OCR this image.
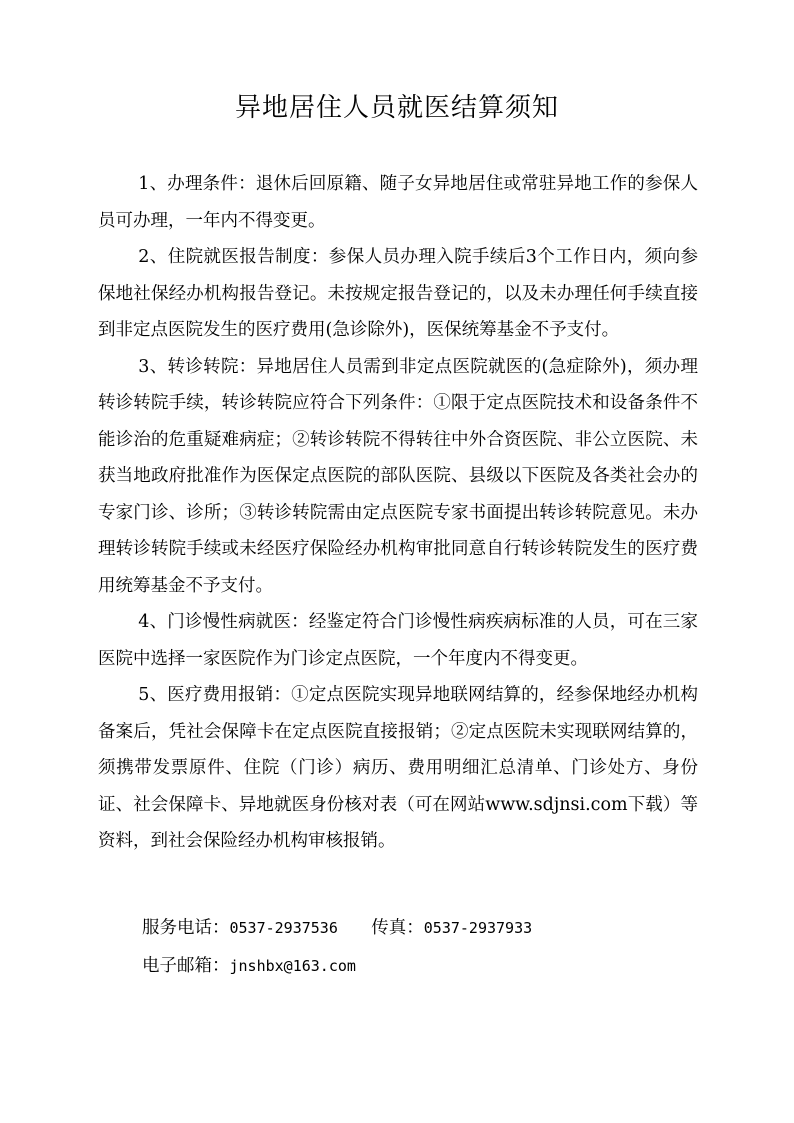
异地居住人员就医结算须知

1、办理条件：退休后回原籍、随子女异地居住或常驻异地工作的参保人员可办理，一年内不得变更。

2、住院就医报告制度：参保人员办理入院手续后3个工作日内，须向参保地社保经办机构报告登记。未按规定报告登记的，以及未办理任何手续直接到非定点医院发生的医疗费用(急诊除外)，医保统筹基金不予支付。

3、转诊转院：异地居住人员需到非定点医院就医的(急症除外)，须办理转诊转院手续，转诊转院应符合下列条件：①限于定点医院技术和设备条件不能诊治的危重疑难病症；②转诊转院不得转往中外合资医院、非公立医院、未获当地政府批准作为医保定点医院的部队医院、县级以下医院及各类社会办的专家门诊、诊所；③转诊转院需由定点医院专家书面提出转诊转院意见。未办理转诊转院手续或未经医疗保险经办机构审批同意自行转诊转院发生的医疗费用统筹基金不予支付。

4、门诊慢性病就医：经鉴定符合门诊慢性病疾病标准的人员，可在三家医院中选择一家医院作为门诊定点医院，一个年度内不得变更。

5、医疗费用报销：①定点医院实现异地联网结算的，经参保地经办机构备案后，凭社会保障卡在定点医院直接报销；②定点医院未实现联网结算的，须携带发票原件、住院（门诊）病历、费用明细汇总清单、门诊处方、身份证、社会保障卡、异地就医身份核对表（可在网站www.sdjnsi.com下载）等资料，到社会保险经办机构审核报销。

服务电话：0537-2937536 传真：0537-2937933
电子邮箱：jnshbx@163.com
